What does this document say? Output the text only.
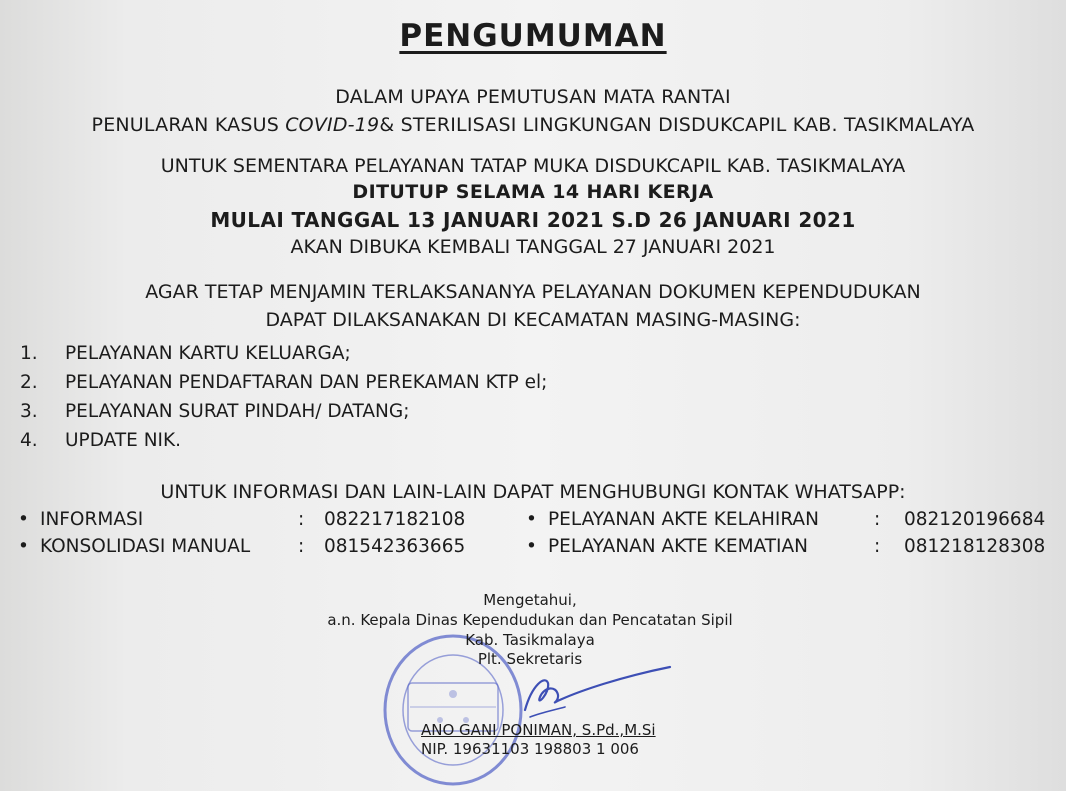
PENGUMUMAN
DALAM UPAYA PEMUTUSAN MATA RANTAI
PENULARAN KASUS COVID-19& STERILISASI LINGKUNGAN DISDUKCAPIL KAB. TASIKMALAYA
UNTUK SEMENTARA PELAYANAN TATAP MUKA DISDUKCAPIL KAB. TASIKMALAYA
DITUTUP SELAMA 14 HARI KERJA
MULAI TANGGAL 13 JANUARI 2021 S.D 26 JANUARI 2021
AKAN DIBUKA KEMBALI TANGGAL 27 JANUARI 2021
AGAR TETAP MENJAMIN TERLAKSANANYA PELAYANAN DOKUMEN KEPENDUDUKAN
DAPAT DILAKSANAKAN DI KECAMATAN MASING-MASING:
1.	PELAYANAN KARTU KELUARGA;
2.	PELAYANAN PENDAFTARAN DAN PEREKAMAN KTP el;
3.	PELAYANAN SURAT PINDAH/ DATANG;
4.	UPDATE NIK.
UNTUK INFORMASI DAN LAIN-LAIN DAPAT MENGHUBUNGI KONTAK WHATSAPP:
• INFORMASI	:	082217182108
• KONSOLIDASI MANUAL	:	081542363665
• PELAYANAN AKTE KELAHIRAN	:	082120196684
• PELAYANAN AKTE KEMATIAN	:	081218128308
Mengetahui,
a.n. Kepala Dinas Kependudukan dan Pencatatan Sipil
Kab. Tasikmalaya
Plt. Sekretaris
ANO GANI PONIMAN, S.Pd.,M.Si
NIP. 19631103 198803 1 006
